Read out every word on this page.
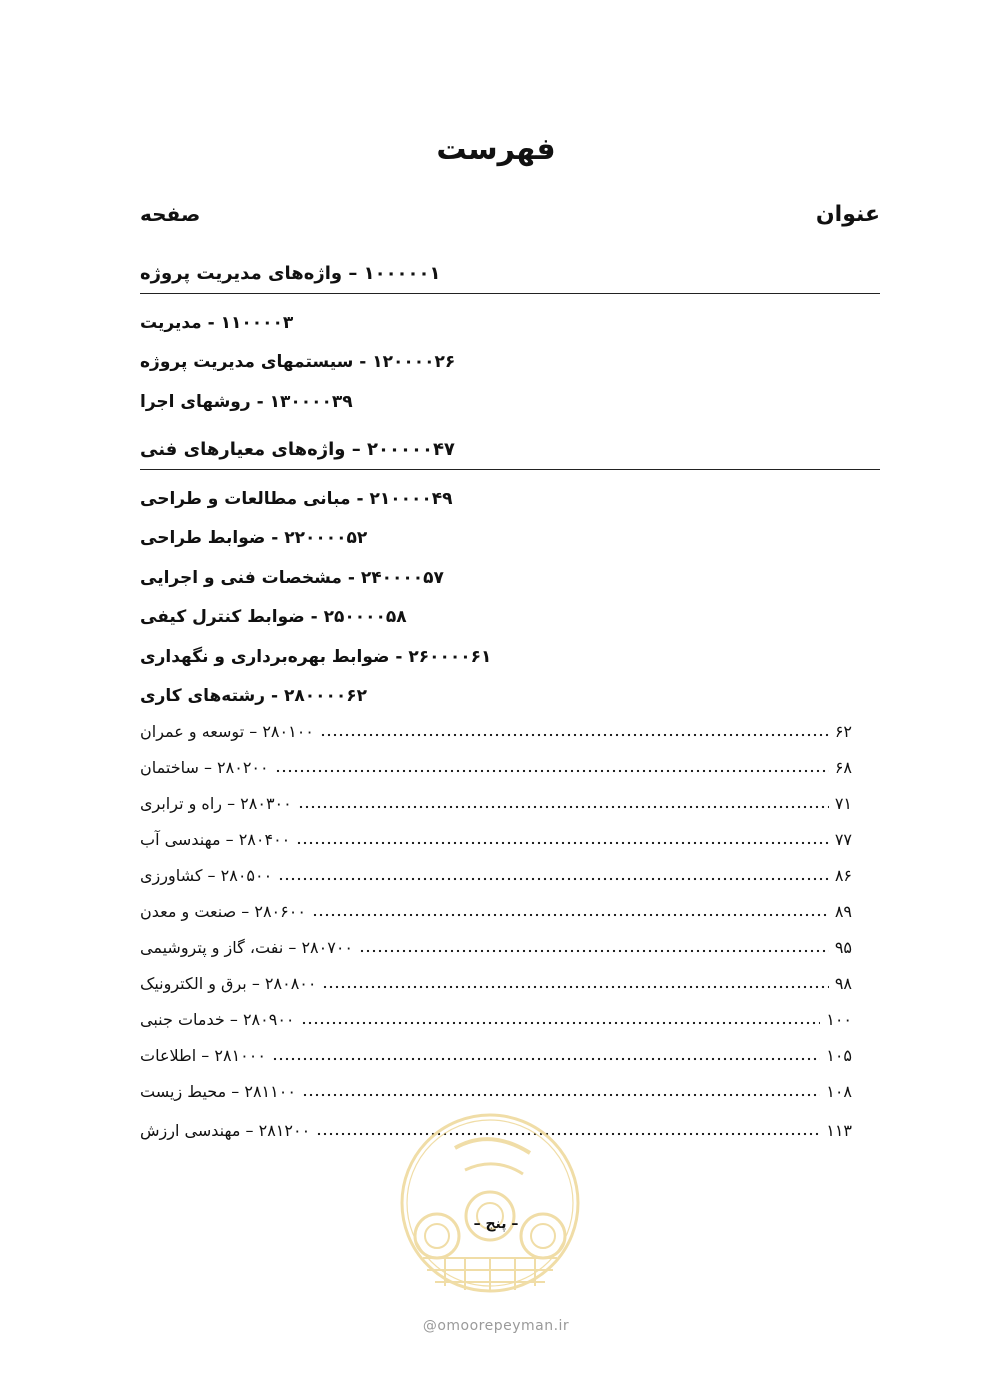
فهرست
عنوان
صفحه
۱۰۰۰۰۰ – واژه‌های مدیریت پروژه ۱
۱۱۰۰۰۰ - مدیریت ۳
۱۲۰۰۰۰ - سیستمهای مدیریت پروژه ۲۶
۱۳۰۰۰۰ - روشهای اجرا ۳۹
۲۰۰۰۰۰ – واژه‌های معیارهای فنی ۴۷
۲۱۰۰۰۰ - مبانی مطالعات و طراحی ۴۹
۲۲۰۰۰۰ - ضوابط طراحی ۵۲
۲۴۰۰۰۰ - مشخصات فنی و اجرایی ۵۷
۲۵۰۰۰۰ - ضوابط کنترل کیفی ۵۸
۲۶۰۰۰۰ - ضوابط بهره‌برداری و نگهداری ۶۱
۲۸۰۰۰۰ - رشته‌های کاری ۶۲
۲۸۰۱۰۰ – توسعه و عمران	۶۲
۲۸۰۲۰۰ – ساختمان	۶۸
۲۸۰۳۰۰ – راه و ترابری	۷۱
۲۸۰۴۰۰ – مهندسی آب	۷۷
۲۸۰۵۰۰ – کشاورزی	۸۶
۲۸۰۶۰۰ – صنعت و معدن	۸۹
۲۸۰۷۰۰ – نفت، گاز و پتروشیمی	۹۵
۲۸۰۸۰۰ – برق و الکترونیک	۹۸
۲۸۰۹۰۰ – خدمات جنبی	۱۰۰
۲۸۱۰۰۰ – اطلاعات	۱۰۵
۲۸۱۱۰۰ – محیط زیست	۱۰۸
۲۸۱۲۰۰ – مهندسی ارزش	۱۱۳
– پنج –
@omoorepeyman.ir
